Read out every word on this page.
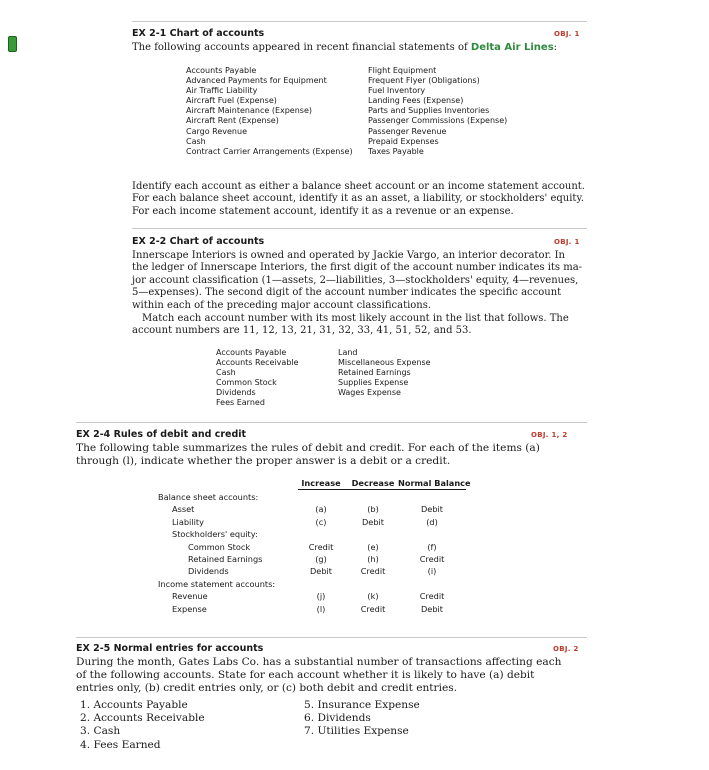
EX 2-1 Chart of accounts	OBJ. 1
The following accounts appeared in recent financial statements of Delta Air Lines:
Accounts Payable
Advanced Payments for Equipment
Air Traffic Liability
Aircraft Fuel (Expense)
Aircraft Maintenance (Expense)
Aircraft Rent (Expense)
Cargo Revenue
Cash
Contract Carrier Arrangements (Expense)
Flight Equipment
Frequent Flyer (Obligations)
Fuel Inventory
Landing Fees (Expense)
Parts and Supplies Inventories
Passenger Commissions (Expense)
Passenger Revenue
Prepaid Expenses
Taxes Payable
Identify each account as either a balance sheet account or an income statement account.
For each balance sheet account, identify it as an asset, a liability, or stockholders' equity.
For each income statement account, identify it as a revenue or an expense.
EX 2-2 Chart of accounts	OBJ. 1
Innerscape Interiors is owned and operated by Jackie Vargo, an interior decorator. In
the ledger of Innerscape Interiors, the first digit of the account number indicates its ma-
jor account classification (1—assets, 2—liabilities, 3—stockholders' equity, 4—revenues,
5—expenses). The second digit of the account number indicates the specific account
within each of the preceding major account classifications.
Match each account number with its most likely account in the list that follows. The
account numbers are 11, 12, 13, 21, 31, 32, 33, 41, 51, 52, and 53.
Accounts Payable
Accounts Receivable
Cash
Common Stock
Dividends
Fees Earned
Land
Miscellaneous Expense
Retained Earnings
Supplies Expense
Wages Expense
EX 2-4 Rules of debit and credit	OBJ. 1, 2
The following table summarizes the rules of debit and credit. For each of the items (a)
through (l), indicate whether the proper answer is a debit or a credit.
Increase	Decrease Normal Balance
Balance sheet accounts:
Asset	(a)	(b)	Debit
Liability	(c)	Debit	(d)
Stockholders' equity:
Common Stock	Credit	(e)	(f)
Retained Earnings	(g)	(h)	Credit
Dividends	Debit	Credit	(i)
Income statement accounts:
Revenue	(j)	(k)	Credit
Expense	(l)	Credit	Debit
EX 2-5 Normal entries for accounts	OBJ. 2
During the month, Gates Labs Co. has a substantial number of transactions affecting each
of the following accounts. State for each account whether it is likely to have (a) debit
entries only, (b) credit entries only, or (c) both debit and credit entries.
1. Accounts Payable
2. Accounts Receivable
3. Cash
4. Fees Earned
5. Insurance Expense
6. Dividends
7. Utilities Expense
